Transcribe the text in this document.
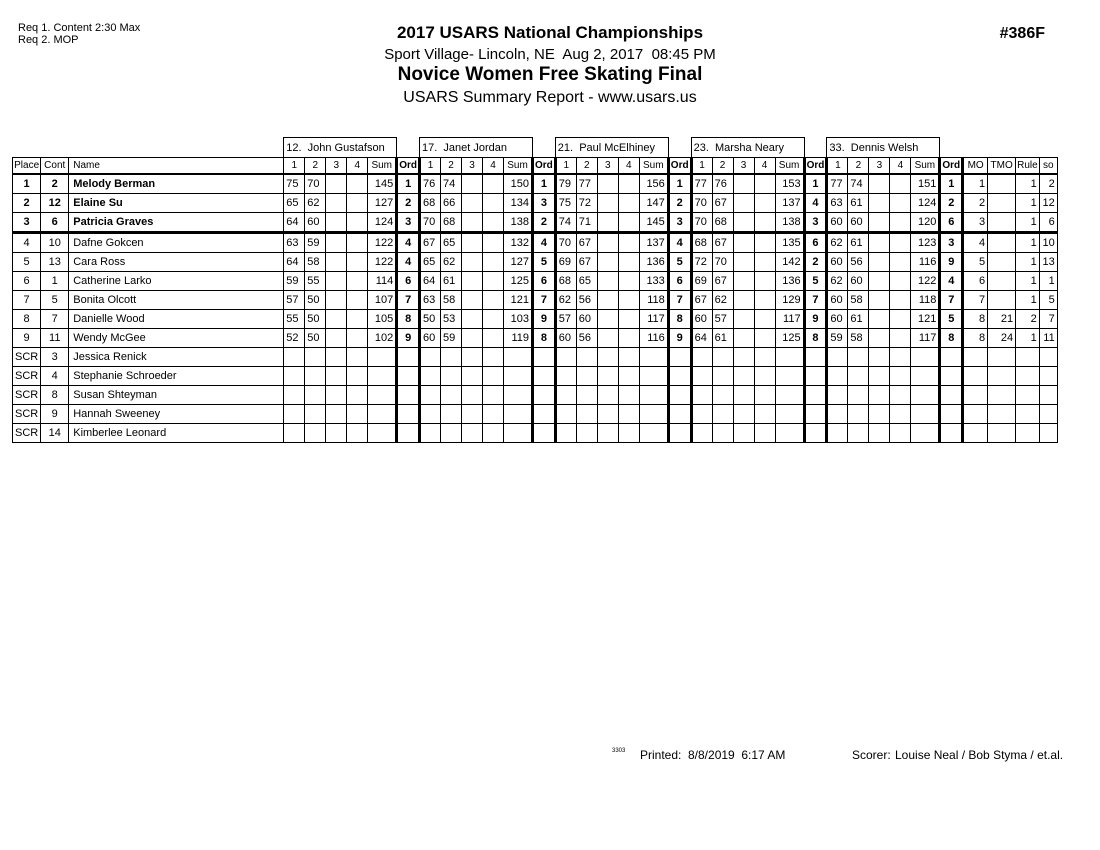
Req 1. Content 2:30 Max
Req 2. MOP	2017 USARS National Championships
Sport Village- Lincoln, NE  Aug 2, 2017  08:45 PM
Novice Women Free Skating Final
USARS Summary Report - www.usars.us
#386F
			12.  John Gustafson						17.  Janet Jordan						21.  Paul McElhiney						23.  Marsha Neary						33.  Dennis Welsh									
Place	Cont	Name	1	2	3	4	Sum	Ord	1	2	3	4	Sum	Ord	1	2	3	4	Sum	Ord	1	2	3	4	Sum	Ord	1	2	3	4	Sum	Ord	MO	TMO	Rule	so
1	2	Melody Berman	75	70			145	1	76	74			150	1	79	77			156	1	77	76			153	1	77	74			151	1	1		1	2
2	12	Elaine Su	65	62			127	2	68	66			134	3	75	72			147	2	70	67			137	4	63	61			124	2	2		1	12
3	6	Patricia Graves	64	60			124	3	70	68			138	2	74	71			145	3	70	68			138	3	60	60			120	6	3		1	6
4	10	Dafne Gokcen	63	59			122	4	67	65			132	4	70	67			137	4	68	67			135	6	62	61			123	3	4		1	10
5	13	Cara Ross	64	58			122	4	65	62			127	5	69	67			136	5	72	70			142	2	60	56			116	9	5		1	13
6	1	Catherine Larko	59	55			114	6	64	61			125	6	68	65			133	6	69	67			136	5	62	60			122	4	6		1	1
7	5	Bonita Olcott	57	50			107	7	63	58			121	7	62	56			118	7	67	62			129	7	60	58			118	7	7		1	5
8	7	Danielle Wood	55	50			105	8	50	53			103	9	57	60			117	8	60	57			117	9	60	61			121	5	8	21	2	7
9	11	Wendy McGee	52	50			102	9	60	59			119	8	60	56			116	9	64	61			125	8	59	58			117	8	8	24	1	11
SCR	3	Jessica Renick																																		
SCR	4	Stephanie Schroeder																																		
SCR	8	Susan Shteyman																																		
SCR	9	Hannah Sweeney																																		
SCR	14	Kimberlee Leonard																																		
3303 Printed: 8/8/2019  6:17 AM	Scorer: Louise Neal / Bob Styma / et.al.
